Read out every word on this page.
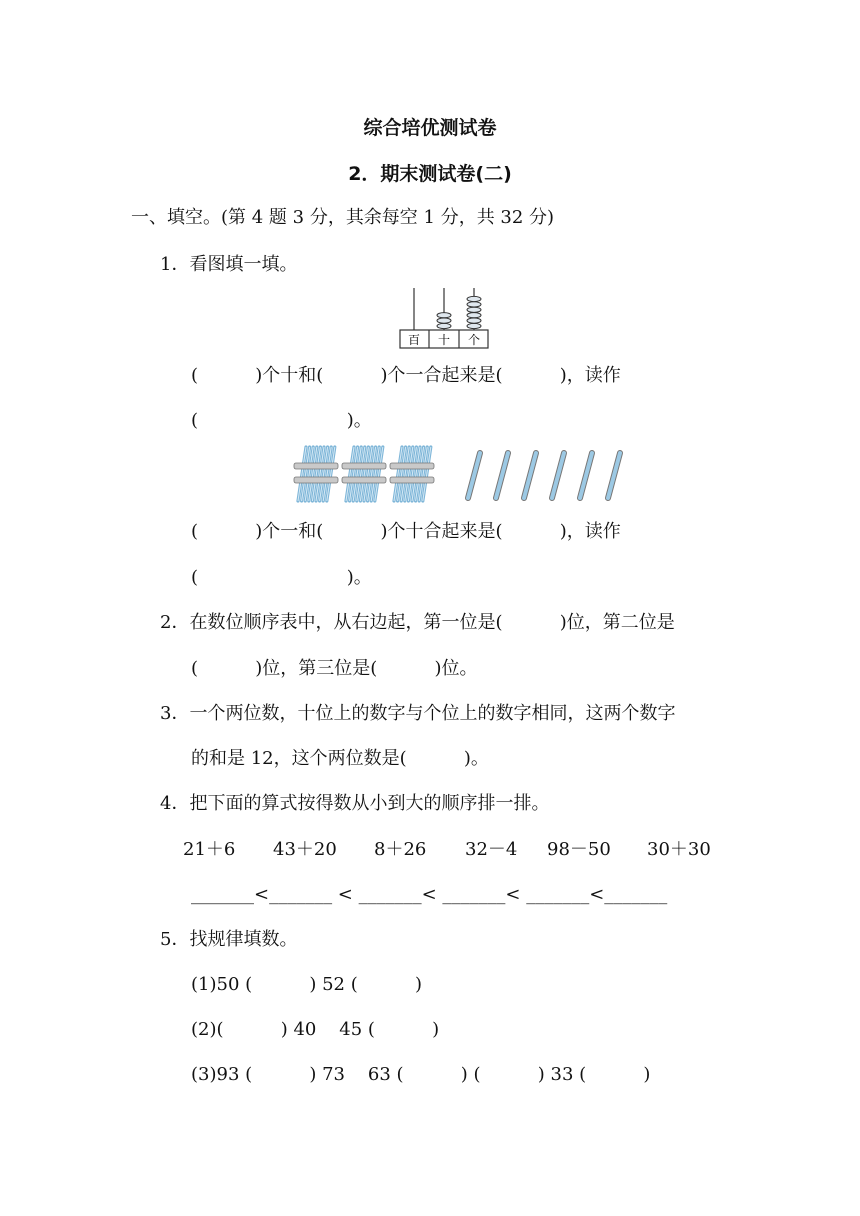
综合培优测试卷
2．期末测试卷(二)
一、填空。(第 4 题 3 分，其余每空 1 分，共 32 分)
1．看图填一填。
百 十 个
(          )个十和(          )个一合起来是(          )，读作
(                          )。
(          )个一和(          )个十合起来是(          )，读作
(                          )。
2．在数位顺序表中，从右边起，第一位是(          )位，第二位是
(          )位，第三位是(          )位。
3．一个两位数，十位上的数字与个位上的数字相同，这两个数字
的和是 12，这个两位数是(          )。
4．把下面的算式按得数从小到大的顺序排一排。
21＋6 43＋20 8＋26 32－4 98－50 30＋30
_______<_______ < _______< _______< _______<_______
5．找规律填数。
(1)50 (          ) 52 (          )
(2)(          ) 40    45 (          )
(3)93 (          ) 73    63 (          ) (          ) 33 (          )
